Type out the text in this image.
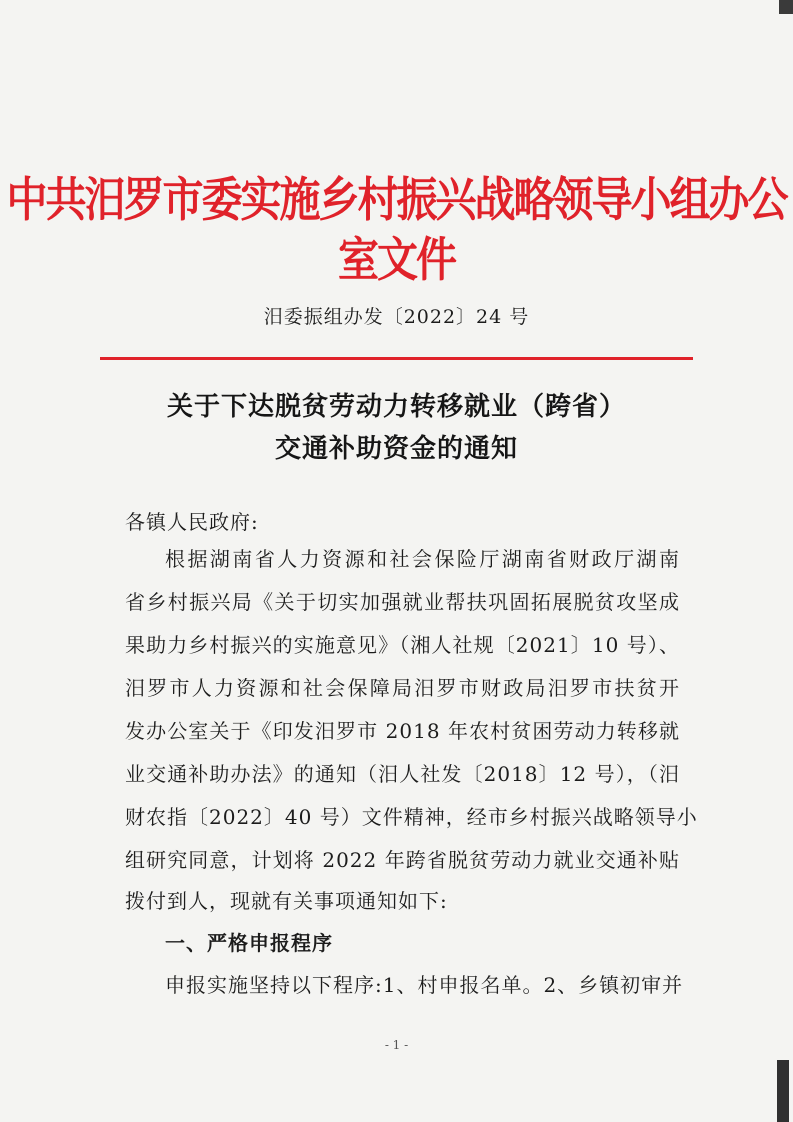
中共汨罗市委实施乡村振兴战略领导小组办公室文件
汨委振组办发〔2022〕24 号
关于下达脱贫劳动力转移就业（跨省）
交通补助资金的通知
各镇人民政府:
根据湖南省人力资源和社会保险厅湖南省财政厅湖南
省乡村振兴局《关于切实加强就业帮扶巩固拓展脱贫攻坚成
果助力乡村振兴的实施意见》（湘人社规〔2021〕10 号）、
汨罗市人力资源和社会保障局汨罗市财政局汨罗市扶贫开
发办公室关于《印发汨罗市 2018 年农村贫困劳动力转移就
业交通补助办法》的通知（汨人社发〔2018〕12 号），（汨
财农指〔2022〕40 号）文件精神，经市乡村振兴战略领导小
组研究同意，计划将 2022 年跨省脱贫劳动力就业交通补贴
拨付到人，现就有关事项通知如下:
一、严格申报程序
申报实施坚持以下程序:1、村申报名单。2、乡镇初审并
- 1 -
